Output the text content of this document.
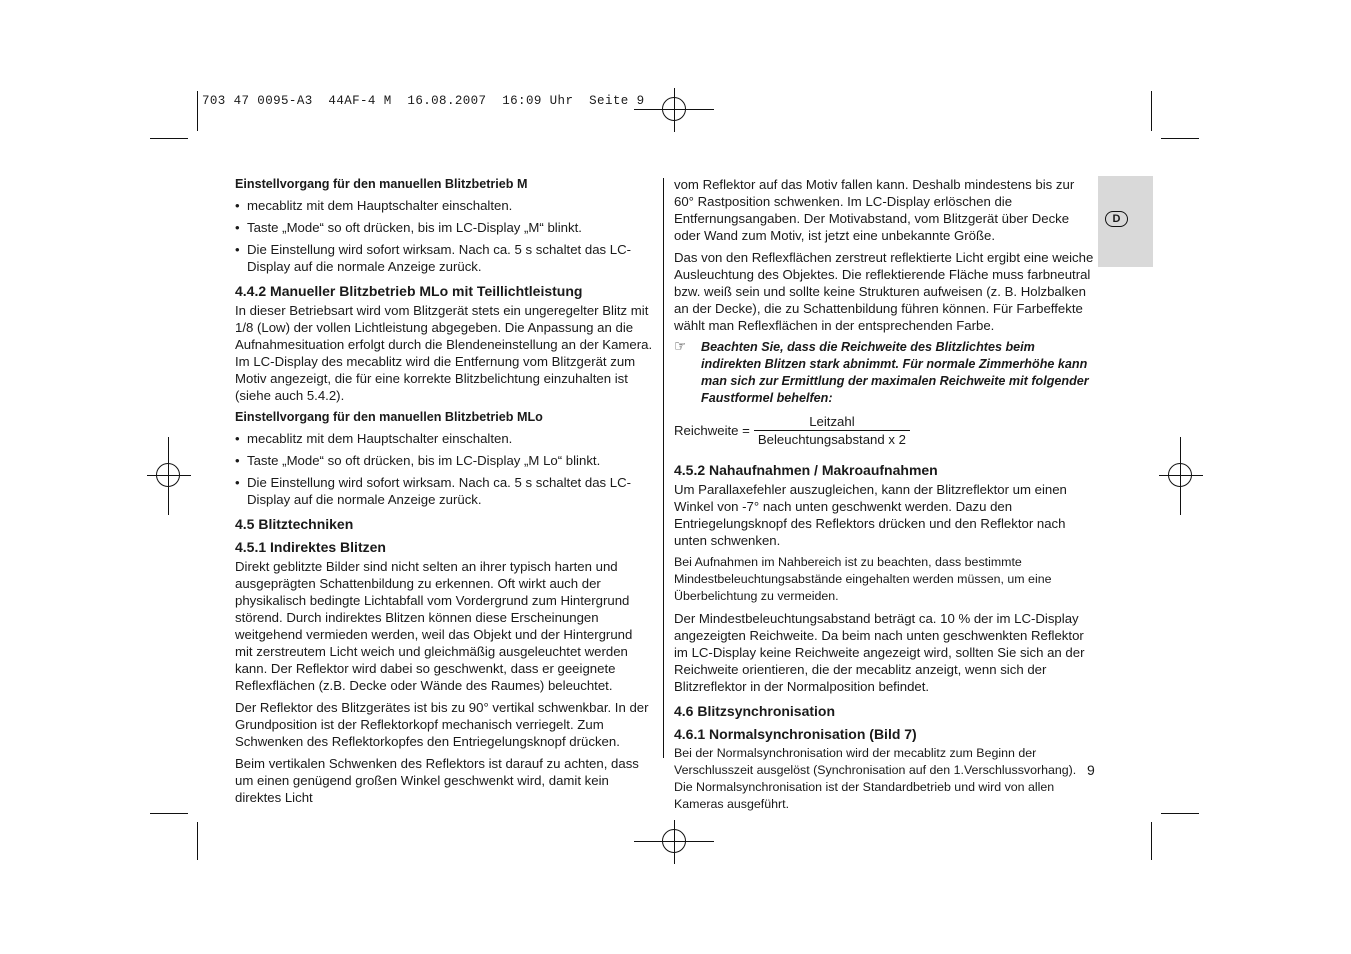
703 47 0095-A3  44AF-4 M  16.08.2007  16:09 Uhr  Seite 9
D
Einstellvorgang für den manuellen Blitzbetrieb M
• mecablitz mit dem Hauptschalter einschalten.
• Taste „Mode“ so oft drücken, bis im LC-Display „M“ blinkt.
• Die Einstellung wird sofort wirksam. Nach ca. 5 s schaltet das LC-Display auf die normale Anzeige zurück.
4.4.2 Manueller Blitzbetrieb MLo mit Teillichtleistung

In dieser Betriebsart wird vom Blitzgerät stets ein ungeregelter Blitz mit 1/8 (Low) der vollen Lichtleistung abgegeben. Die Anpassung an die Aufnahmesituation erfolgt durch die Blendeneinstellung an der Kamera. Im LC-Display des mecablitz wird die Entfernung vom Blitzgerät zum Motiv angezeigt, die für eine korrekte Blitzbelichtung einzuhalten ist (siehe auch 5.4.2).

Einstellvorgang für den manuellen Blitzbetrieb MLo
• mecablitz mit dem Hauptschalter einschalten.
• Taste „Mode“ so oft drücken, bis im LC-Display „M Lo“ blinkt.
• Die Einstellung wird sofort wirksam. Nach ca. 5 s schaltet das LC-Display auf die normale Anzeige zurück.
4.5 Blitztechniken
4.5.1 Indirektes Blitzen

Direkt geblitzte Bilder sind nicht selten an ihrer typisch harten und ausgeprägten Schattenbildung zu erkennen. Oft wirkt auch der physikalisch bedingte Lichtabfall vom Vordergrund zum Hintergrund störend. Durch indirektes Blitzen können diese Erscheinungen weitgehend vermieden werden, weil das Objekt und der Hintergrund mit zerstreutem Licht weich und gleichmäßig ausgeleuchtet werden kann. Der Reflektor wird dabei so geschwenkt, dass er geeignete Reflexflächen (z.B. Decke oder Wände des Raumes) beleuchtet.

Der Reflektor des Blitzgerätes ist bis zu 90° vertikal schwenkbar. In der Grundposition ist der Reflektorkopf mechanisch verriegelt. Zum Schwenken des Reflektorkopfes den Entriegelungsknopf drücken.

Beim vertikalen Schwenken des Reflektors ist darauf zu achten, dass um einen genügend großen Winkel geschwenkt wird, damit kein direktes Licht

vom Reflektor auf das Motiv fallen kann. Deshalb mindestens bis zur 60° Rastposition schwenken. Im LC-Display erlöschen die Entfernungsangaben. Der Motivabstand, vom Blitzgerät über Decke oder Wand zum Motiv, ist jetzt eine unbekannte Größe.

Das von den Reflexflächen zerstreut reflektierte Licht ergibt eine weiche Ausleuchtung des Objektes. Die reflektierende Fläche muss farbneutral bzw. weiß sein und sollte keine Strukturen aufweisen (z. B. Holzbalken an der Decke), die zu Schattenbildung führen können. Für Farbeffekte wählt man Reflexflächen in der entsprechenden Farbe.

☞ Beachten Sie, dass die Reichweite des Blitzlichtes beim indirekten Blitzen stark abnimmt. Für normale Zimmerhöhe kann man sich zur Ermittlung der maximalen Reichweite mit folgender Faustformel behelfen:
Reichweite = $\frac{\text{Leitzahl}}{\text{Beleuchtungsabstand x 2}}$
4.5.2 Nahaufnahmen / Makroaufnahmen

Um Parallaxefehler auszugleichen, kann der Blitzreflektor um einen Winkel von -7° nach unten geschwenkt werden. Dazu den Entriegelungsknopf des Reflektors drücken und den Reflektor nach unten schwenken.

Bei Aufnahmen im Nahbereich ist zu beachten, dass bestimmte Mindestbeleuchtungsabstände eingehalten werden müssen, um eine Überbelichtung zu vermeiden.

Der Mindestbeleuchtungsabstand beträgt ca. 10 % der im LC-Display angezeigten Reichweite. Da beim nach unten geschwenkten Reflektor im LC-Display keine Reichweite angezeigt wird, sollten Sie sich an der Reichweite orientieren, die der mecablitz anzeigt, wenn sich der Blitzreflektor in der Normalposition befindet.

4.6 Blitzsynchronisation
4.6.1 Normalsynchronisation (Bild 7)

Bei der Normalsynchronisation wird der mecablitz zum Beginn der Verschlusszeit ausgelöst (Synchronisation auf den 1.Verschlussvorhang). Die Normalsynchronisation ist der Standardbetrieb und wird von allen Kameras ausgeführt.

9
